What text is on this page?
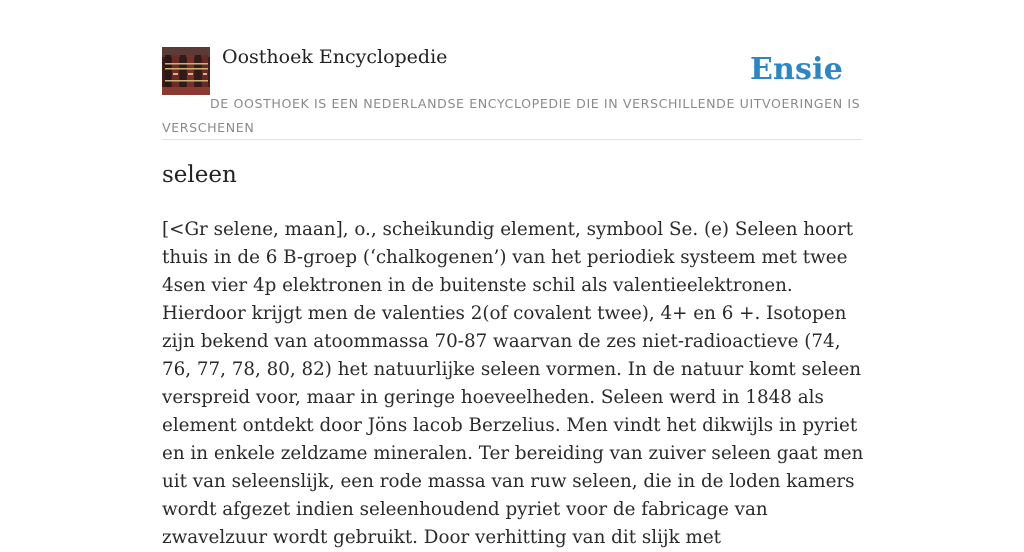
Oosthoek Encyclopedie	Ensie
DE OOSTHOEK IS EEN NEDERLANDSE ENCYCLOPEDIE DIE IN VERSCHILLENDE UITVOERINGEN IS VERSCHENEN
seleen

[<Gr selene, maan], o., scheikundig element, symbool Se. (e) Seleen hoort thuis in de 6 B-groep (‘chalkogenen’) van het periodiek systeem met twee 4sen vier 4p elektronen in de buitenste schil als valentieelektronen. Hierdoor krijgt men de valenties 2(of covalent twee), 4+ en 6 +. Isotopen zijn bekend van atoommassa 70-87 waarvan de zes niet-radioactieve (74, 76, 77, 78, 80, 82) het natuurlijke seleen vormen. In de natuur komt seleen verspreid voor, maar in geringe hoeveelheden. Seleen werd in 1848 als element ontdekt door Jöns lacob Berzelius. Men vindt het dikwijls in pyriet en in enkele zeldzame mineralen. Ter bereiding van zuiver seleen gaat men uit van seleenslijk, een rode massa van ruw seleen, die in de loden kamers wordt afgezet indien seleenhoudend pyriet voor de fabricage van zwavelzuur wordt gebruikt. Door verhitting van dit slijk met
